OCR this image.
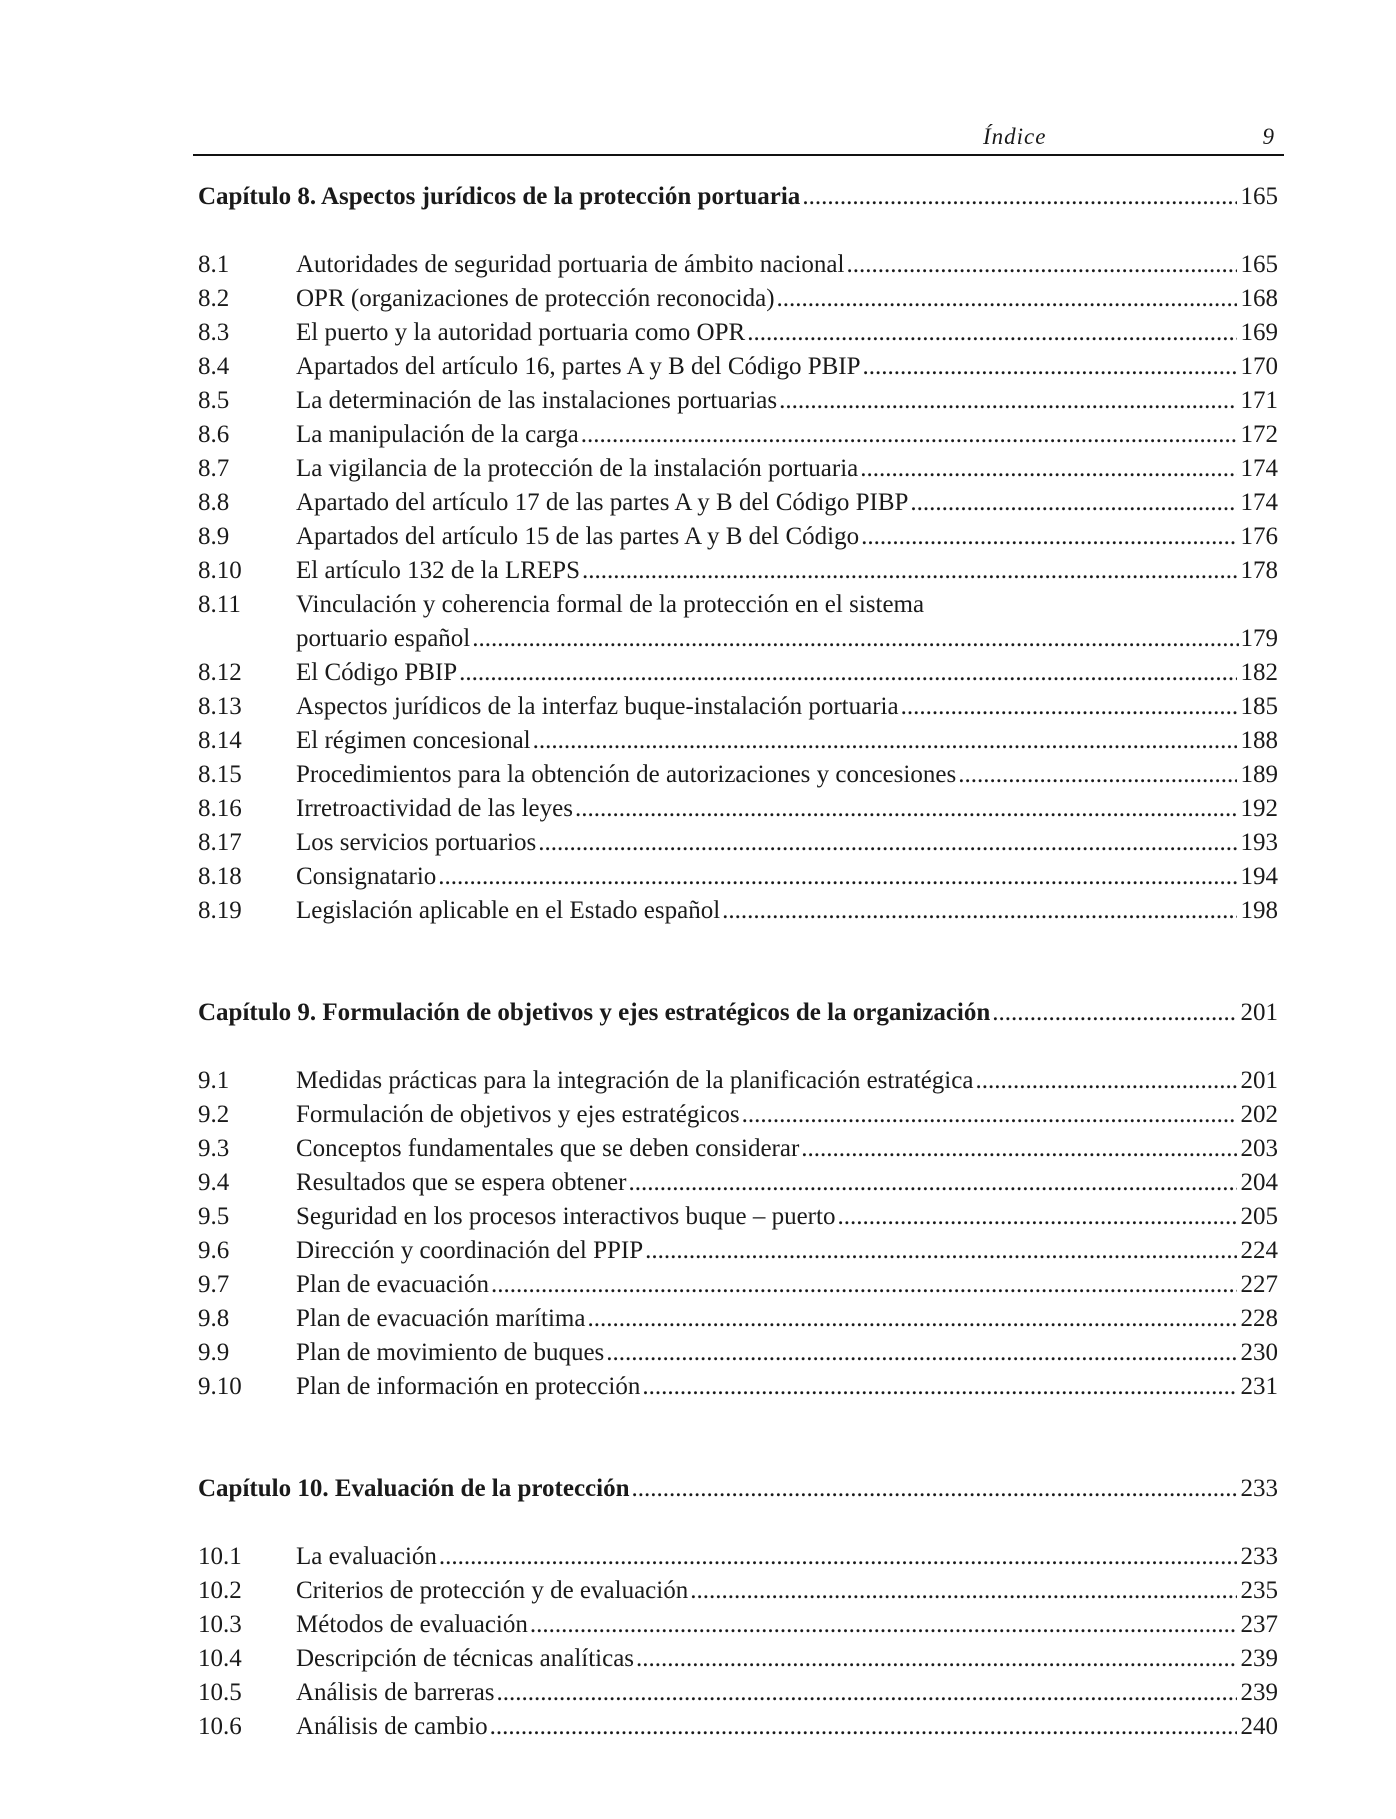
Índice	9
Capítulo 8. Aspectos jurídicos de la protección portuaria .....	165
8.1	Autoridades de seguridad portuaria de ámbito nacional .....	165
8.2	OPR (organizaciones de protección reconocida) .....	168
8.3	El puerto y la autoridad portuaria como OPR .....	169
8.4	Apartados del artículo 16, partes A y B del Código PBIP .....	170
8.5	La determinación de las instalaciones portuarias .....	171
8.6	La manipulación de la carga .....	172
8.7	La vigilancia de la protección de la instalación portuaria .....	174
8.8	Apartado del artículo 17 de las partes A y B del Código PIBP .....	174
8.9	Apartados del artículo 15 de las partes A y B del Código .....	176
8.10	El artículo 132 de la LREPS .....	178
8.11	Vinculación y coherencia formal de la protección en el sistema
portuario español .....	179
8.12	El Código PBIP .....	182
8.13	Aspectos jurídicos de la interfaz buque-instalación portuaria .....	185
8.14	El régimen concesional .....	188
8.15	Procedimientos para la obtención de autorizaciones y concesiones .....	189
8.16	Irretroactividad de las leyes .....	192
8.17	Los servicios portuarios .....	193
8.18	Consignatario .....	194
8.19	Legislación aplicable en el Estado español .....	198
Capítulo 9. Formulación de objetivos y ejes estratégicos de la organización .....	201
9.1	Medidas prácticas para la integración de la planificación estratégica .....	201
9.2	Formulación de objetivos y ejes estratégicos .....	202
9.3	Conceptos fundamentales que se deben considerar .....	203
9.4	Resultados que se espera obtener .....	204
9.5	Seguridad en los procesos interactivos buque – puerto .....	205
9.6	Dirección y coordinación del PPIP .....	224
9.7	Plan de evacuación .....	227
9.8	Plan de evacuación marítima .....	228
9.9	Plan de movimiento de buques .....	230
9.10	Plan de información en protección .....	231
Capítulo 10. Evaluación de la protección .....	233
10.1	La evaluación .....	233
10.2	Criterios de protección y de evaluación .....	235
10.3	Métodos de evaluación .....	237
10.4	Descripción de técnicas analíticas .....	239
10.5	Análisis de barreras .....	239
10.6	Análisis de cambio .....	240
